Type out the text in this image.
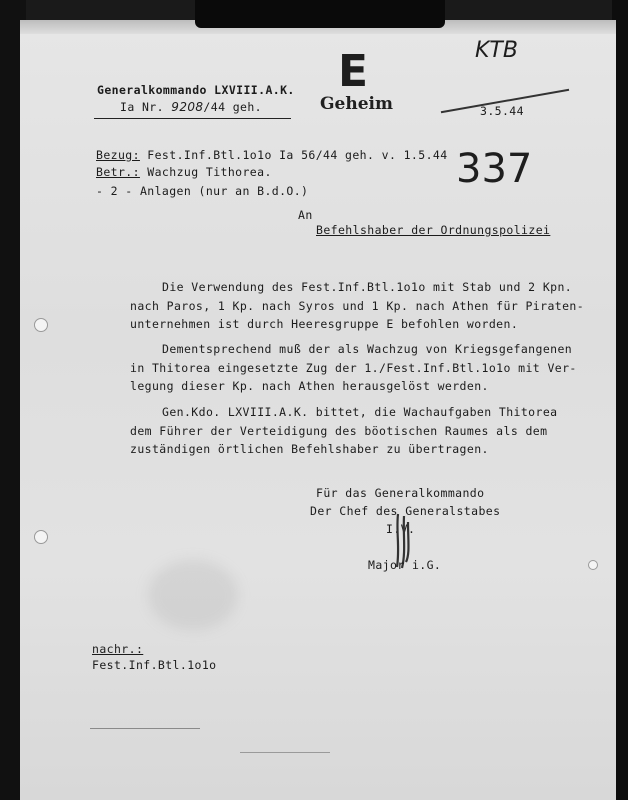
Generalkommando LXVIII.A.K.
Ia Nr. 9208/44 geh.
E
Geheim
KTB
3.5.44
337
Bezug: Fest.Inf.Btl.1o1o Ia 56/44 geh. v. 1.5.44
Betr.: Wachzug Tithorea.
- 2 - Anlagen (nur an B.d.O.)
An
Befehlshaber der Ordnungspolizei
Die Verwendung des Fest.Inf.Btl.1o1o mit Stab und 2 Kpn.
nach Paros, 1 Kp. nach Syros und 1 Kp. nach Athen für Piraten-
unternehmen ist durch Heeresgruppe E befohlen worden.
Dementsprechend muß der als Wachzug von Kriegsgefangenen
in Thitorea eingesetzte Zug der 1./Fest.Inf.Btl.1o1o mit Ver-
legung dieser Kp. nach Athen herausgelöst werden.
Gen.Kdo. LXVIII.A.K. bittet, die Wachaufgaben Thitorea
dem Führer der Verteidigung des böotischen Raumes als dem
zuständigen örtlichen Befehlshaber zu übertragen.
Für das Generalkommando
Der Chef des Generalstabes
I.V.
Major i.G.
nachr.:
Fest.Inf.Btl.1o1o
